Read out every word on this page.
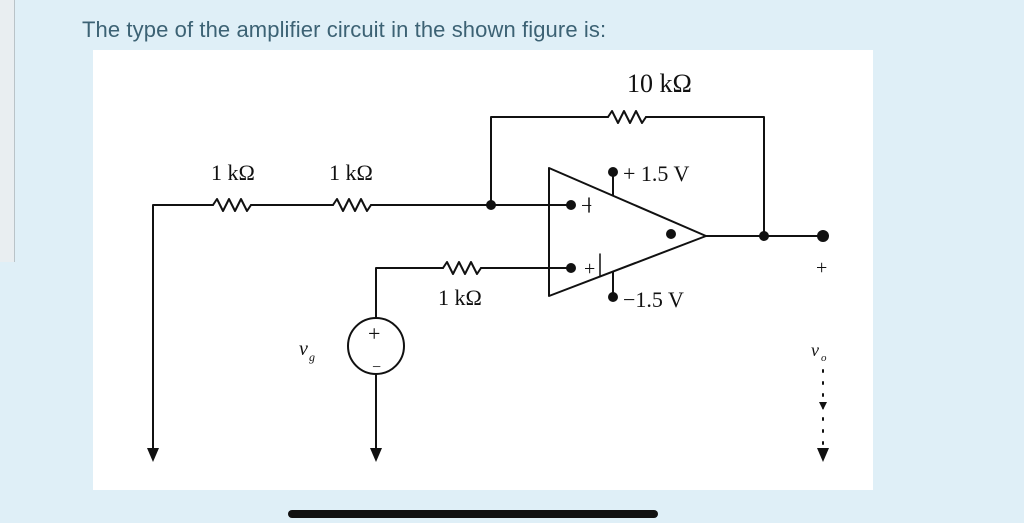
The type of the amplifier circuit in the shown figure is:
10 kΩ
1 kΩ	1 kΩ
1 kΩ
+ 1.5 V
−1.5 V
−
+
+
−
v g
+
v o
